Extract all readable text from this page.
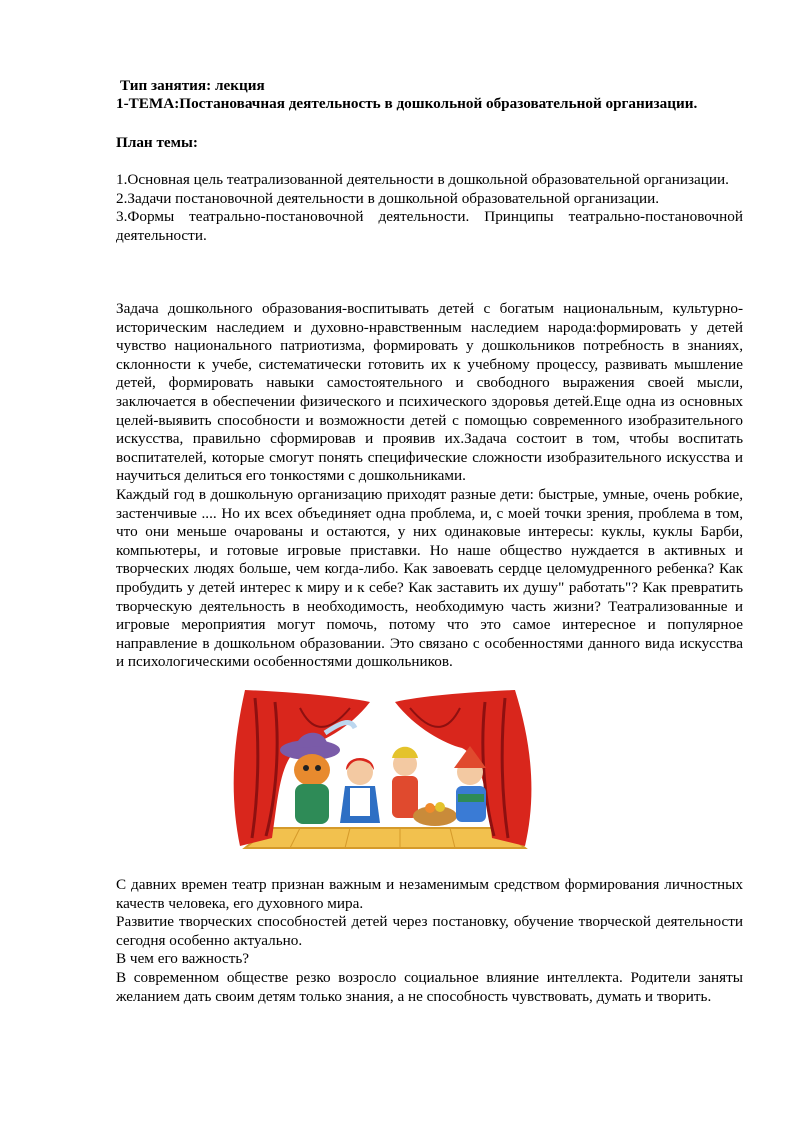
Тип занятия: лекция
1-ТЕМА:Постановачная деятельность в дошкольной образовательной организации.
План темы:

1.Основная цель театрализованной деятельности в дошкольной образовательной организации.

2.Задачи постановочной деятельности в дошкольной образовательной организации.

3.Формы театрально-постановочной деятельности. Принципы театрально-постановочной деятельности.

Задача дошкольного образования-воспитывать детей с богатым национальным, культурно-историческим наследием и духовно-нравственным наследием народа:формировать у детей чувство национального патриотизма, формировать у дошкольников потребность в знаниях, склонности к учебе, систематически готовить их к учебному процессу, развивать мышление детей, формировать навыки самостоятельного и свободного выражения своей мысли, заключается в обеспечении физического и психического здоровья детей.Еще одна из основных целей-выявить способности и возможности детей с помощью современного изобразительного искусства, правильно сформировав и проявив их.Задача состоит в том, чтобы воспитать воспитателей, которые смогут понять специфические сложности изобразительного искусства и научиться делиться его тонкостями с дошкольниками.

Каждый год в дошкольную организацию приходят разные дети: быстрые, умные, очень робкие, застенчивые .... Но их всех объединяет одна проблема, и, с моей точки зрения, проблема в том, что они меньше очарованы и остаются, у них одинаковые интересы: куклы, куклы Барби, компьютеры, и готовые игровые приставки. Но наше общество нуждается в активных и творческих людях больше, чем когда-либо. Как завоевать сердце целомудренного ребенка? Как пробудить у детей интерес к миру и к себе? Как заставить их душу" работать"? Как превратить творческую деятельность в необходимость, необходимую часть жизни? Театрализованные и игровые мероприятия могут помочь, потому что это самое интересное и популярное направление в дошкольном образовании. Это связано с особенностями данного вида искусства и психологическими особенностями дошкольников.

С давних времен театр признан важным и незаменимым средством формирования личностных качеств человека, его духовного мира.

Развитие творческих способностей детей через постановку, обучение творческой деятельности сегодня особенно актуально.

В чем его важность?

В современном обществе резко возросло социальное влияние интеллекта. Родители заняты желанием дать своим детям только знания, а не способность чувствовать, думать и творить.
